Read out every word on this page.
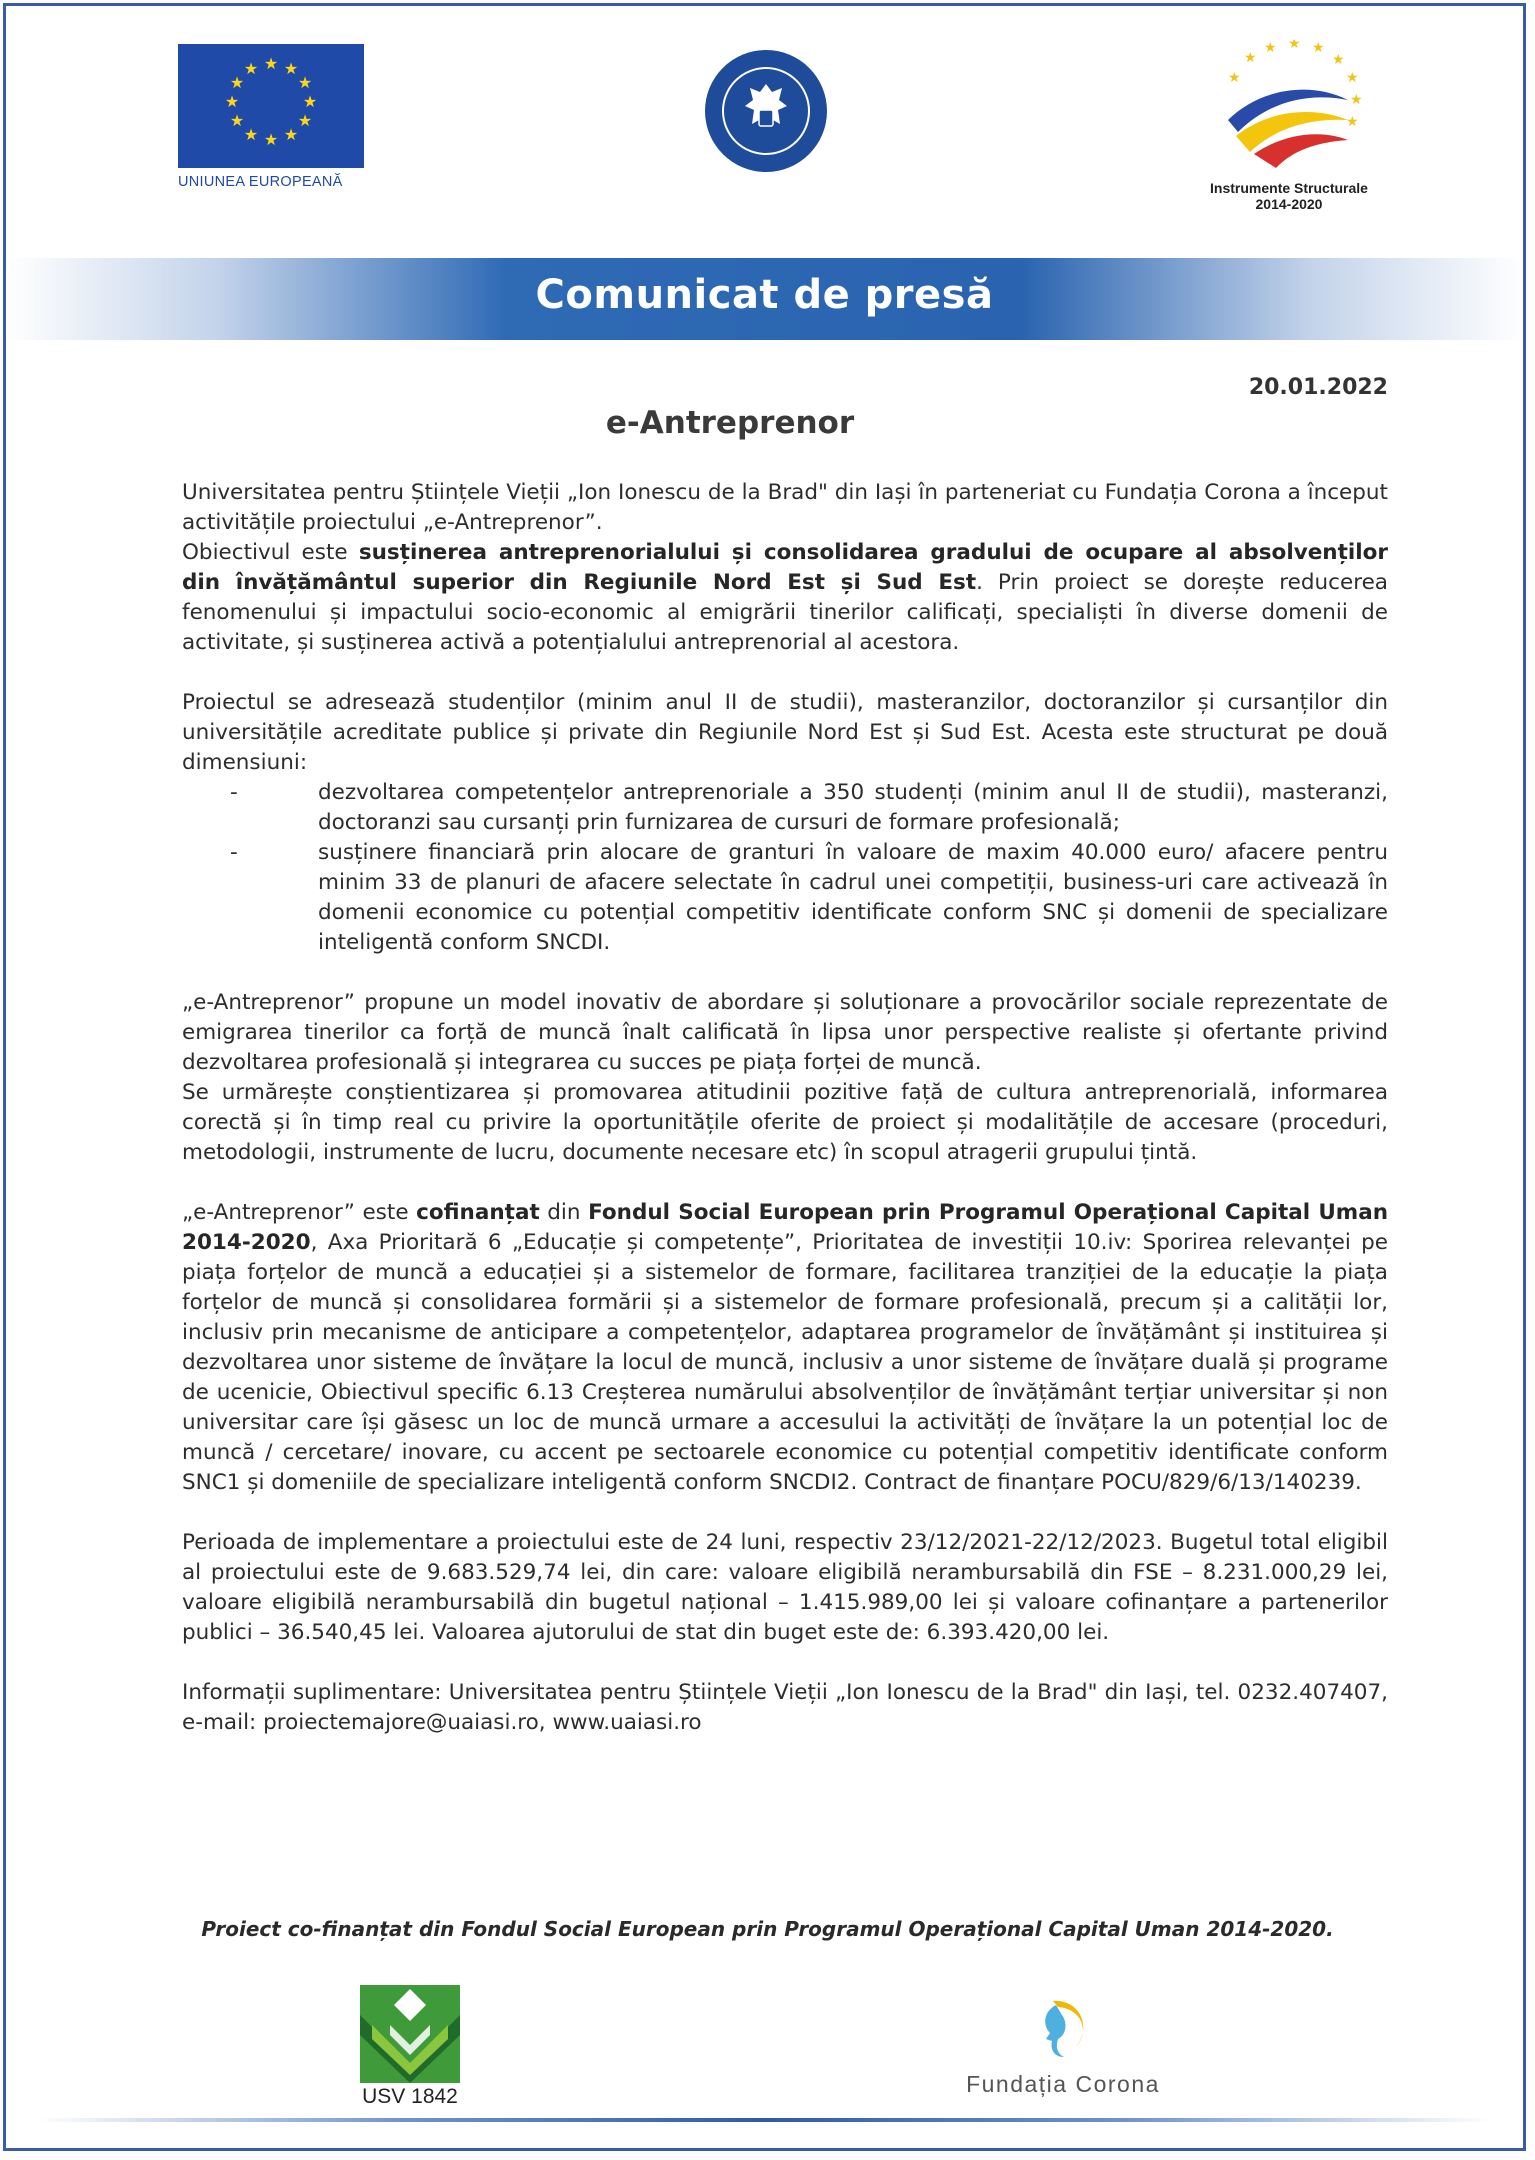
★ ★
★
★
★
★
★
★
★
★
★
★
UNIUNEA EUROPEANĂ
★
★ ★ ★
★
★
★
★
★
Instrumente Structurale
2014-2020
Comunicat de presă
20.01.2022
e-Antreprenor

Universitatea pentru Științele Vieții „Ion Ionescu de la Brad" din Iași în parteneriat cu Fundația Corona a început activitățile proiectului „e-Antreprenor”.

Obiectivul este susținerea antreprenorialului și consolidarea gradului de ocupare al absolvenților din învățământul superior din Regiunile Nord Est și Sud Est. Prin proiect se dorește reducerea fenomenului și impactului socio-economic al emigrării tinerilor calificați, specialiști în diverse domenii de activitate, și susținerea activă a potențialului antreprenorial al acestora.

Proiectul se adresează studenților (minim anul II de studii), masteranzilor, doctoranzilor și cursanților din universitățile acreditate publice și private din Regiunile Nord Est și Sud Est. Acesta este structurat pe două dimensiuni:

-	dezvoltarea competențelor antreprenoriale a 350 studenți (minim anul II de studii), masteranzi, doctoranzi sau cursanți prin furnizarea de cursuri de formare profesională;
-	susținere financiară prin alocare de granturi în valoare de maxim 40.000 euro/ afacere pentru minim 33 de planuri de afacere selectate în cadrul unei competiții, business-uri care activează în domenii economice cu potențial competitiv identificate conform SNC și domenii de specializare inteligentă conform SNCDI.

„e-Antreprenor” propune un model inovativ de abordare și soluționare a provocărilor sociale reprezentate de emigrarea tinerilor ca forță de muncă înalt calificată în lipsa unor perspective realiste și ofertante privind dezvoltarea profesională și integrarea cu succes pe piața forței de muncă.

Se urmărește conștientizarea și promovarea atitudinii pozitive față de cultura antreprenorială, informarea corectă și în timp real cu privire la oportunitățile oferite de proiect și modalitățile de accesare (proceduri, metodologii, instrumente de lucru, documente necesare etc) în scopul atragerii grupului țintă.

„e-Antreprenor” este cofinanțat din Fondul Social European prin Programul Operațional Capital Uman 2014-2020, Axa Prioritară 6 „Educație și competențe”, Prioritatea de investiții 10.iv: Sporirea relevanței pe piața forțelor de muncă a educației și a sistemelor de formare, facilitarea tranziției de la educație la piața forțelor de muncă și consolidarea formării și a sistemelor de formare profesională, precum și a calității lor, inclusiv prin mecanisme de anticipare a competențelor, adaptarea programelor de învățământ și instituirea și dezvoltarea unor sisteme de învățare la locul de muncă, inclusiv a unor sisteme de învățare duală și programe de ucenicie, Obiectivul specific 6.13 Creșterea numărului absolvenților de învățământ terțiar universitar și non universitar care își găsesc un loc de muncă urmare a accesului la activități de învățare la un potențial loc de muncă / cercetare/ inovare, cu accent pe sectoarele economice cu potențial competitiv identificate conform SNC1 și domeniile de specializare inteligentă conform SNCDI2. Contract de finanțare POCU/829/6/13/140239.

Perioada de implementare a proiectului este de 24 luni, respectiv 23/12/2021-22/12/2023. Bugetul total eligibil al proiectului este de 9.683.529,74 lei, din care: valoare eligibilă nerambursabilă din FSE – 8.231.000,29 lei, valoare eligibilă nerambursabilă din bugetul național – 1.415.989,00 lei și valoare cofinanțare a partenerilor publici – 36.540,45 lei. Valoarea ajutorului de stat din buget este de: 6.393.420,00 lei.

Informații suplimentare: Universitatea pentru Științele Vieții „Ion Ionescu de la Brad" din Iași, tel. 0232.407407, e-mail: proiectemajore@uaiasi.ro, www.uaiasi.ro

Proiect co-finanțat din Fondul Social European prin Programul Operațional Capital Uman 2014-2020.
USV 1842	Fundația Corona
